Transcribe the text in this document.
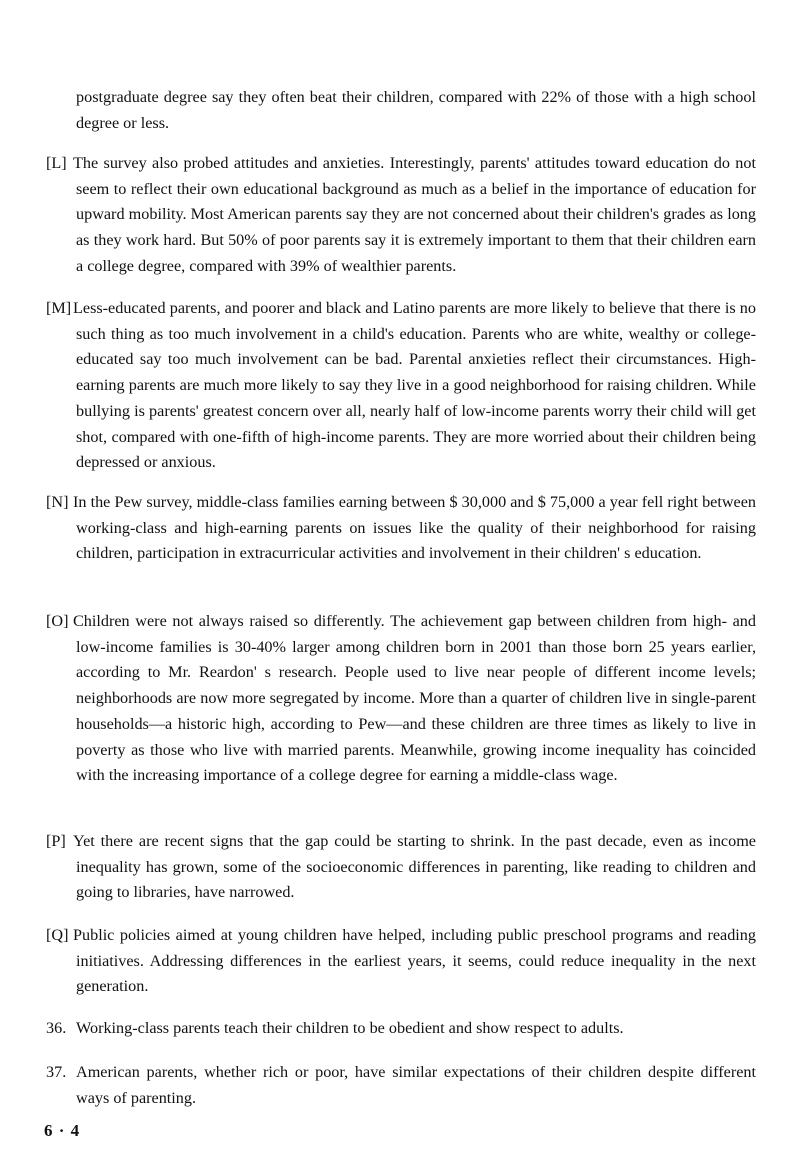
postgraduate degree say they often beat their children, compared with 22% of those with a high school degree or less.

[L] The survey also probed attitudes and anxieties. Interestingly, parents' attitudes toward education do not seem to reflect their own educational background as much as a belief in the importance of education for upward mobility. Most American parents say they are not concerned about their children's grades as long as they work hard. But 50% of poor parents say it is extremely important to them that their children earn a college degree, compared with 39% of wealthier parents.

[M] Less-educated parents, and poorer and black and Latino parents are more likely to believe that there is no such thing as too much involvement in a child's education. Parents who are white, wealthy or college-educated say too much involvement can be bad. Parental anxieties reflect their circumstances. High-earning parents are much more likely to say they live in a good neighborhood for raising children. While bullying is parents' greatest concern over all, nearly half of low-income parents worry their child will get shot, compared with one-fifth of high-income parents. They are more worried about their children being depressed or anxious.

[N] In the Pew survey, middle-class families earning between $ 30,000 and $ 75,000 a year fell right between working-class and high-earning parents on issues like the quality of their neighborhood for raising children, participation in extracurricular activities and involvement in their children' s education.

[O] Children were not always raised so differently. The achievement gap between children from high- and low-income families is 30-40% larger among children born in 2001 than those born 25 years earlier, according to Mr. Reardon' s research. People used to live near people of different income levels; neighborhoods are now more segregated by income. More than a quarter of children live in single-parent households—a historic high, according to Pew—and these children are three times as likely to live in poverty as those who live with married parents. Meanwhile, growing income inequality has coincided with the increasing importance of a college degree for earning a middle-class wage.

[P] Yet there are recent signs that the gap could be starting to shrink. In the past decade, even as income inequality has grown, some of the socioeconomic differences in parenting, like reading to children and going to libraries, have narrowed.

[Q] Public policies aimed at young children have helped, including public preschool programs and reading initiatives. Addressing differences in the earliest years, it seems, could reduce inequality in the next generation.

36. Working-class parents teach their children to be obedient and show respect to adults.

37. American parents, whether rich or poor, have similar expectations of their children despite different ways of parenting.

6 · 4
